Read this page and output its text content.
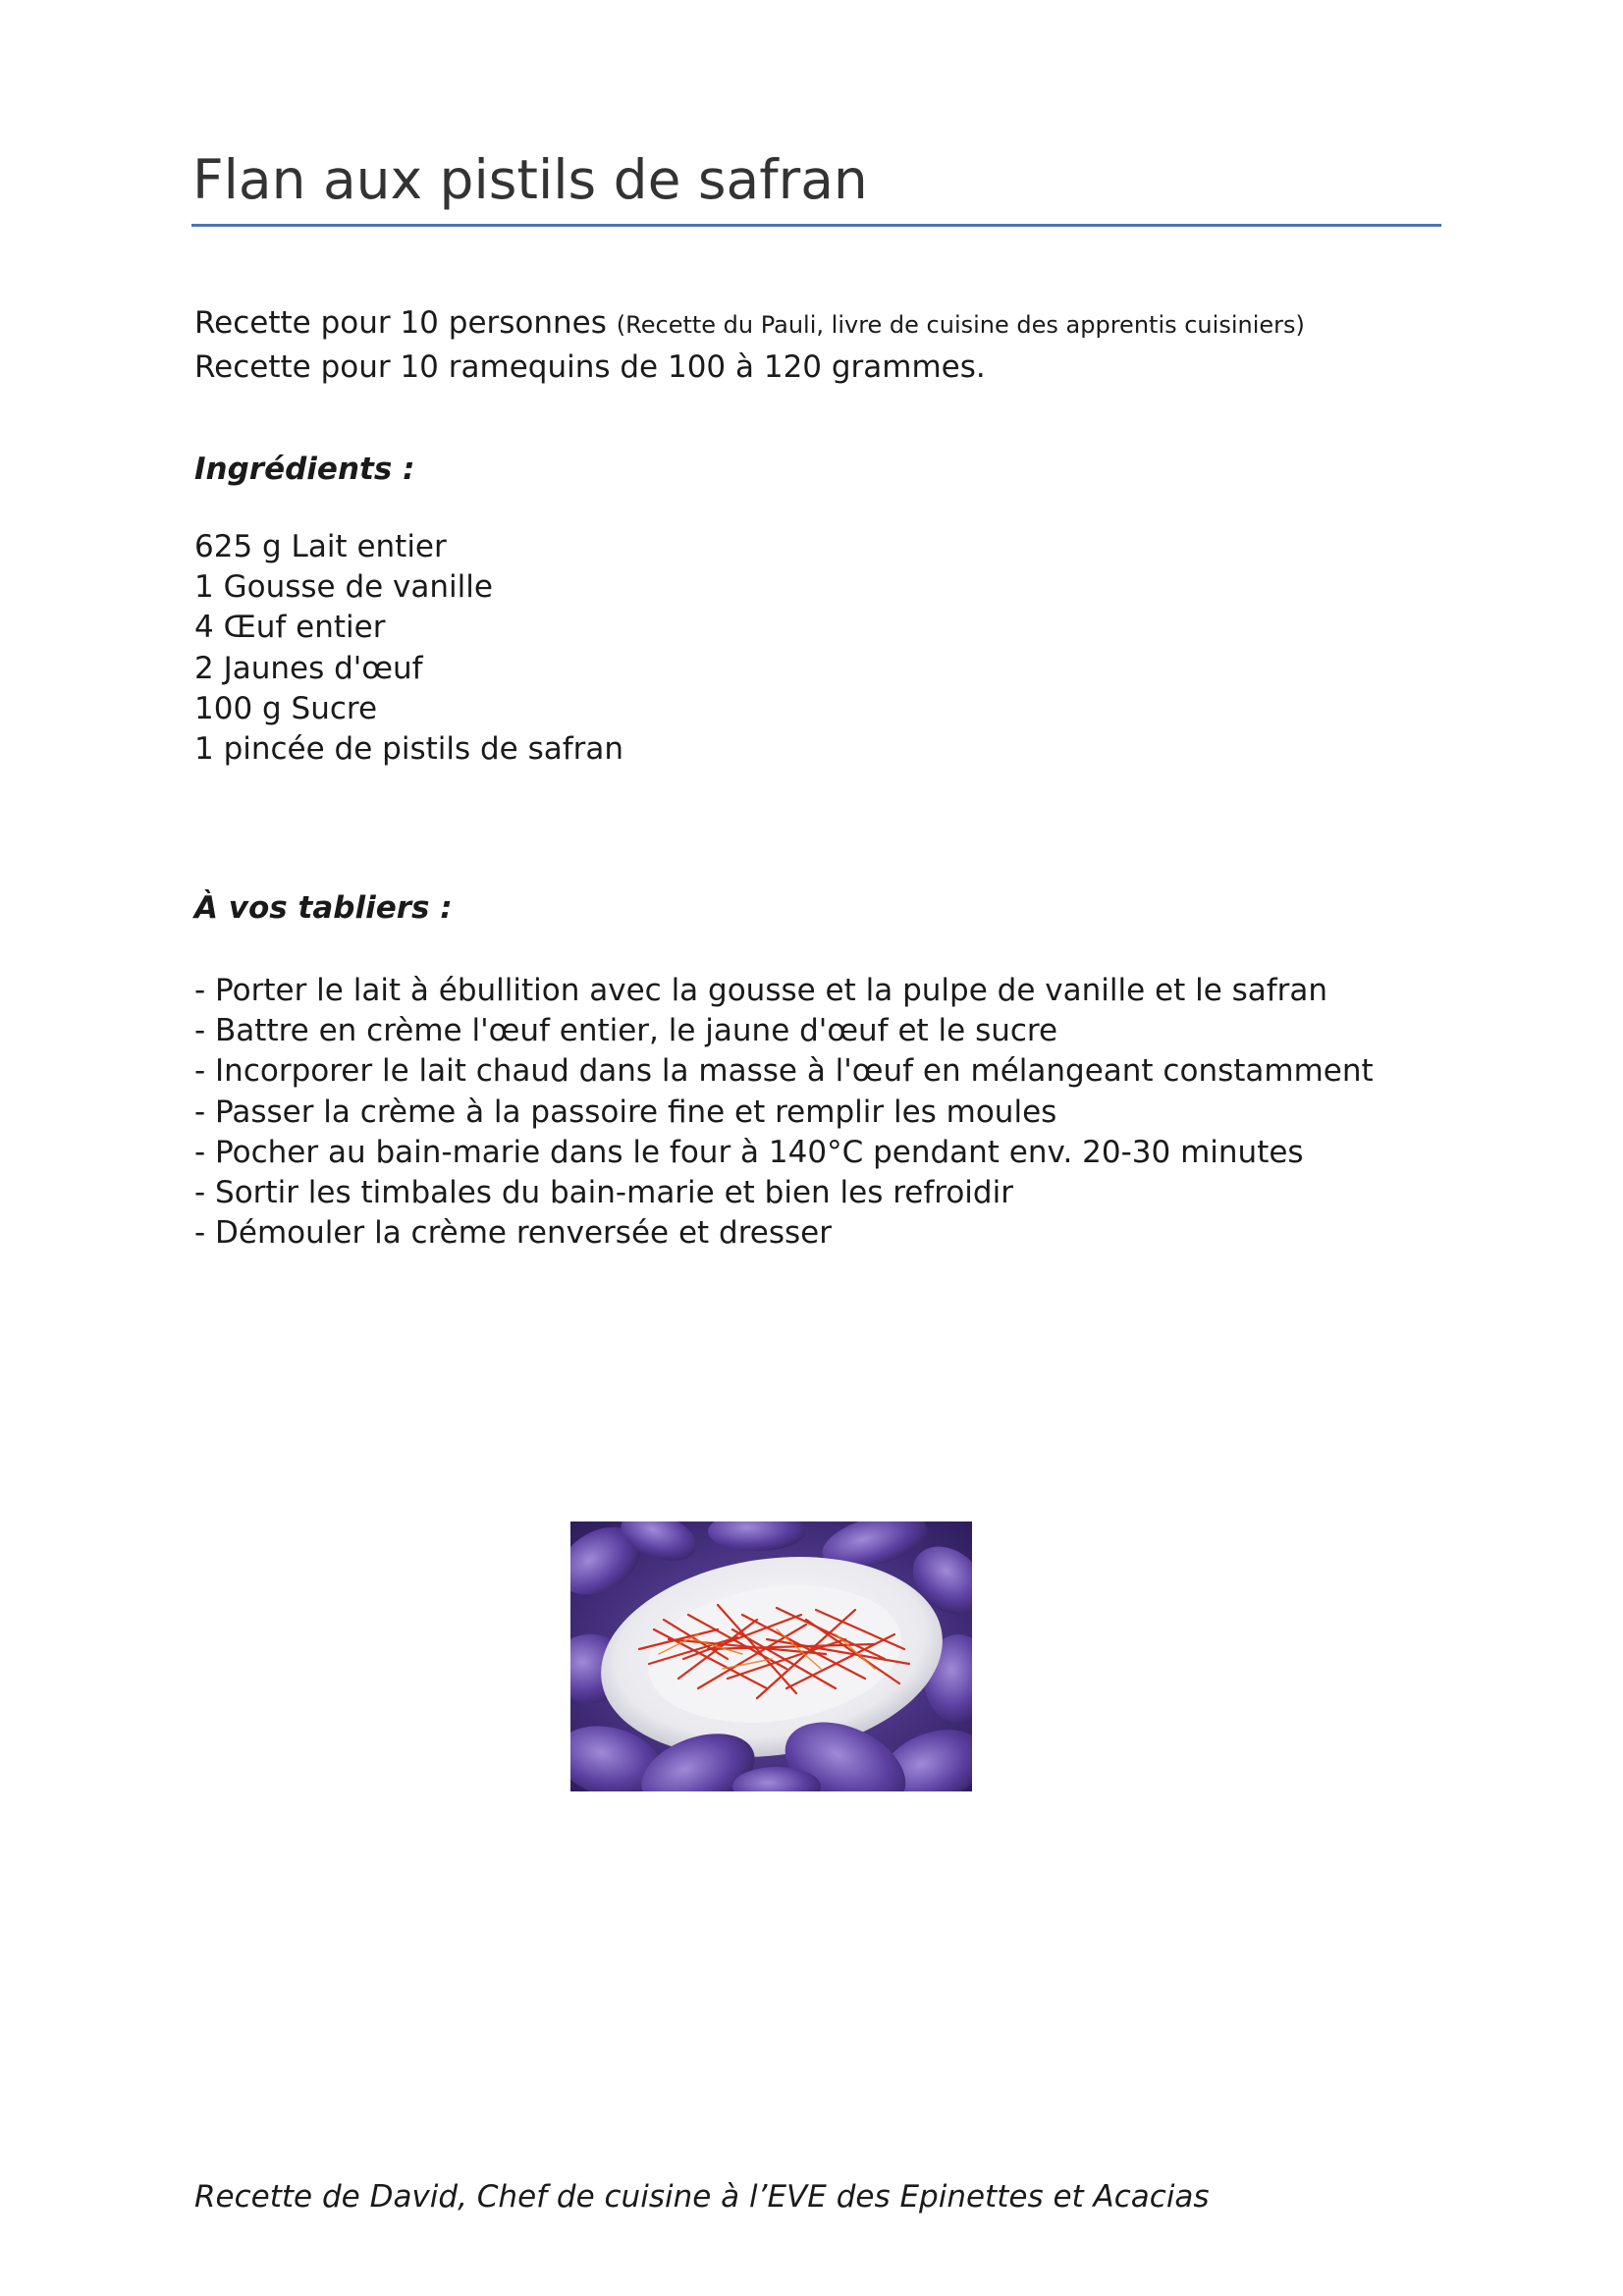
Flan aux pistils de safran
Recette pour 10 personnes (Recette du Pauli, livre de cuisine des apprentis cuisiniers)
Recette pour 10 ramequins de 100 à 120 grammes.
Ingrédients :
625 g Lait entier
1 Gousse de vanille
4 Œuf entier
2 Jaunes d'œuf
100 g Sucre
1 pincée de pistils de safran
À vos tabliers :
- Porter le lait à ébullition avec la gousse et la pulpe de vanille et le safran
- Battre en crème l'œuf entier, le jaune d'œuf et le sucre
- Incorporer le lait chaud dans la masse à l'œuf en mélangeant constamment
- Passer la crème à la passoire fine et remplir les moules
- Pocher au bain-marie dans le four à 140°C pendant env. 20-30 minutes
- Sortir les timbales du bain-marie et bien les refroidir
- Démouler la crème renversée et dresser
Recette de David, Chef de cuisine à l’EVE des Epinettes et Acacias
